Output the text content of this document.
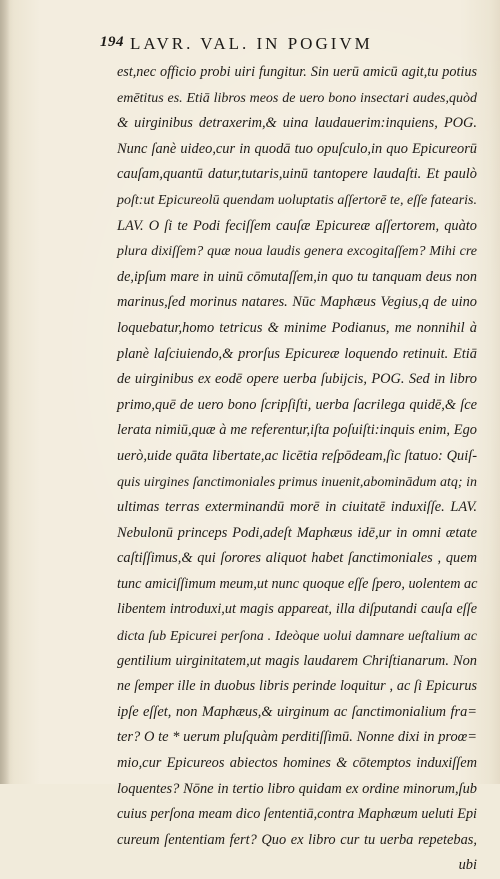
194 LAVR. VAL. IN POGIVM
est,nec officio probi uiri fungitur. Sin uerū amicū agit,tu potius
emētitus es. Etiā libros meos de uero bono insectari audes,quòd
& uirginibus detraxerim,& uina laudauerim:inquiens, POG.
Nunc ſanè uideo,cur in quodā tuo opuſculo,in quo Epicureorū
cauſam,quantū datur,tutaris,uinū tantopere laudaſti. Et paulò
poſt:ut Epicureolū quendam uoluptatis aſſertorē te, eſſe fatearis.
LAV. O ſi te Podi feciſſem cauſæ Epicureæ aſſertorem, quàto
plura dixiſſem? quæ noua laudis genera excogitaſſem? Mihi cre
de,ipſum mare in uinū cōmutaſſem,in quo tu tanquam deus non
marinus,ſed morinus natares. Nūc Maphæus Vegius,q de uino
loquebatur,homo tetricus & minime Podianus, me nonnihil à
planè laſciuiendo,& prorſus Epicureæ loquendo retinuit. Etiā
de uirginibus ex eodē opere uerba ſubijcis, POG. Sed in libro
primo,quē de uero bono ſcripſiſti, uerba ſacrilega quidē,& ſce
lerata nimiū,quæ à me referentur,iſta poſuiſti:inquis enim, Ego
uerò,uide quāta libertate,ac licētia reſpōdeam,ſic ſtatuo: Quiſ-
quis uirgines ſanctimoniales primus inuenit,abominādum atq; in
ultimas terras exterminandū morē in ciuitatē induxiſſe. LAV.
Nebulonū princeps Podi,adeſt Maphæus idē,ur in omni ætate
caſtiſſimus,& qui ſorores aliquot habet ſanctimoniales , quem
tunc amiciſſimum meum,ut nunc quoque eſſe ſpero, uolentem ac
libentem introduxi,ut magis appareat, illa diſputandi cauſa eſſe
dicta ſub Epicurei perſona . Ideòque uolui damnare ueſtalium ac
gentilium uirginitatem,ut magis laudarem Chriſtianarum. Non
ne ſemper ille in duobus libris perinde loquitur , ac ſi Epicurus
ipſe eſſet, non Maphæus,& uirginum ac ſanctimonialium fra=
ter? O te * uerum pluſquàm perditiſſimū. Nonne dixi in proœ=
mio,cur Epicureos abiectos homines & cōtemptos induxiſſem
loquentes? Nōne in tertio libro quidam ex ordine minorum,ſub
cuius perſona meam dico ſententiā,contra Maphæum ueluti Epi
cureum ſententiam fert? Quo ex libro cur tu uerba repetebas,
ubi
